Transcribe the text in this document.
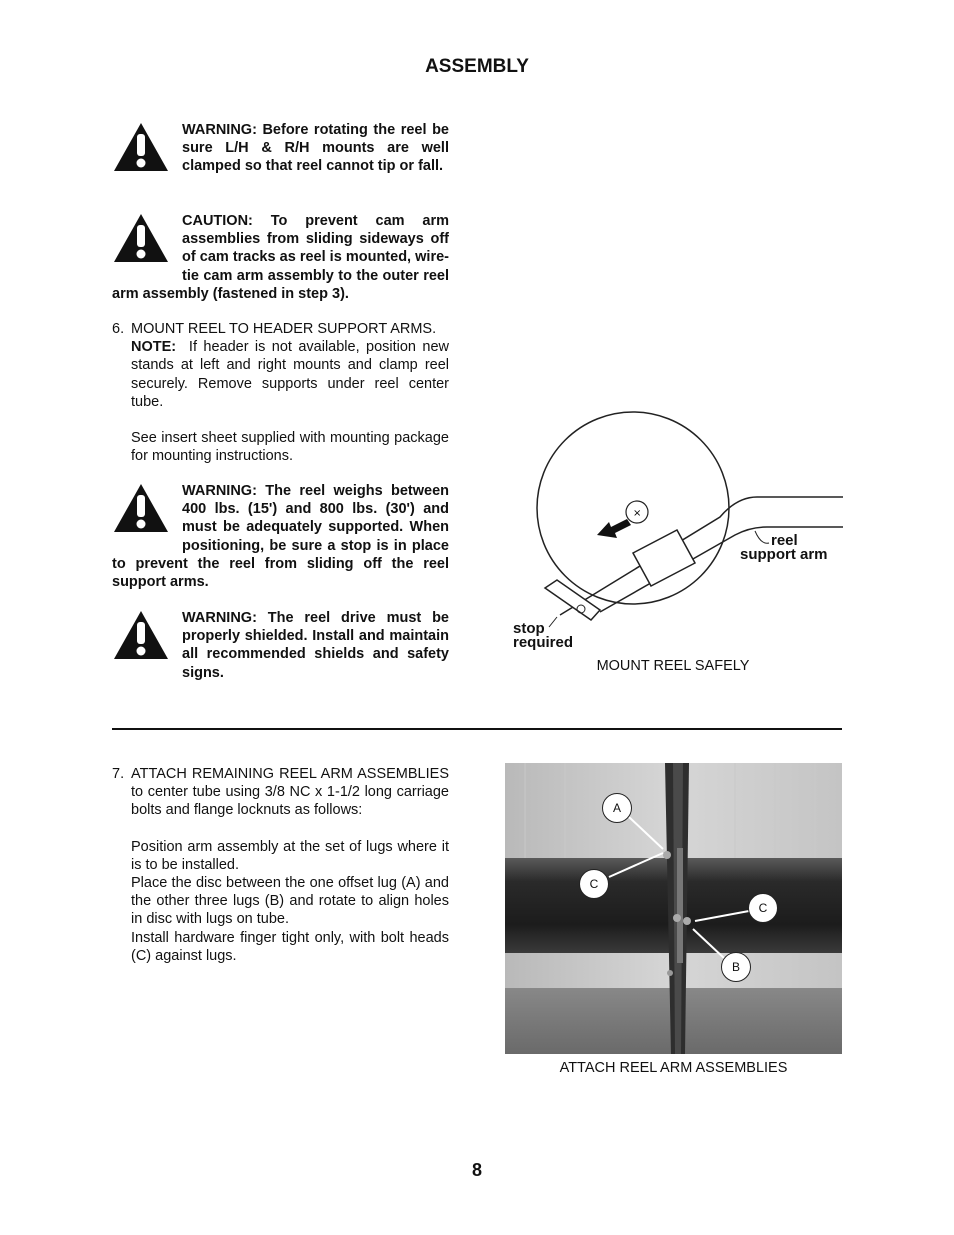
ASSEMBLY
WARNING: Before rotating the reel be sure L/H & R/H mounts are well clamped so that reel cannot tip or fall.
CAUTION: To prevent cam arm assemblies from sliding sideways off of cam tracks as reel is mounted, wire-tie cam arm assembly to the outer reel arm assembly (fastened in step 3).
6. MOUNT REEL TO HEADER SUPPORT ARMS.
NOTE: If header is not available, position new stands at left and right mounts and clamp reel securely. Remove supports under reel center tube.
See insert sheet supplied with mounting package for mounting instructions.
WARNING: The reel weighs between 400 lbs. (15') and 800 lbs. (30') and must be adequately supported. When positioning, be sure a stop is in place to prevent the reel from sliding off the reel support arms.
WARNING: The reel drive must be properly shielded. Install and maintain all recommended shields and safety signs.
×
reel
support arm
stop
required
MOUNT REEL SAFELY
7. ATTACH REMAINING REEL ARM ASSEMBLIES to center tube using 3/8 NC x 1-1/2 long carriage bolts and flange locknuts as follows:
Position arm assembly at the set of lugs where it is to be installed.
Place the disc between the one offset lug (A) and the other three lugs (B) and rotate to align holes in disc with lugs on tube.
Install hardware finger tight only, with bolt heads (C) against lugs.
A
C
C
B
ATTACH REEL ARM ASSEMBLIES
8
